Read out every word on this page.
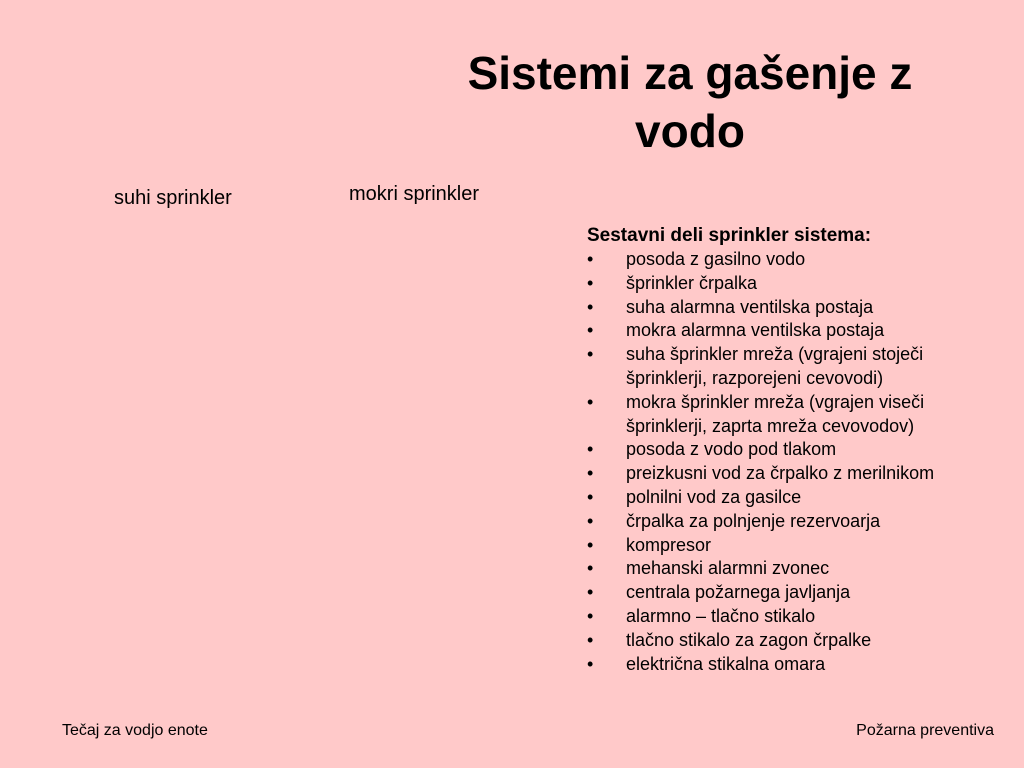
Sistemi za gašenje z vodo
suhi sprinkler	mokri sprinkler

Sestavni deli sprinkler sistema:

• posoda z gasilno vodo
• šprinkler črpalka
• suha alarmna ventilska postaja
• mokra alarmna ventilska postaja
• suha šprinkler mreža (vgrajeni stoječi šprinklerji, razporejeni cevovodi)
• mokra šprinkler mreža (vgrajen viseči šprinklerji, zaprta mreža cevovodov)
• posoda z vodo pod tlakom
• preizkusni vod za črpalko z merilnikom
• polnilni vod za gasilce
• črpalka za polnjenje rezervoarja
• kompresor
• mehanski alarmni zvonec
• centrala požarnega javljanja
• alarmno – tlačno stikalo
• tlačno stikalo za zagon črpalke
• električna stikalna omara
Tečaj za vodjo enote	Požarna preventiva
